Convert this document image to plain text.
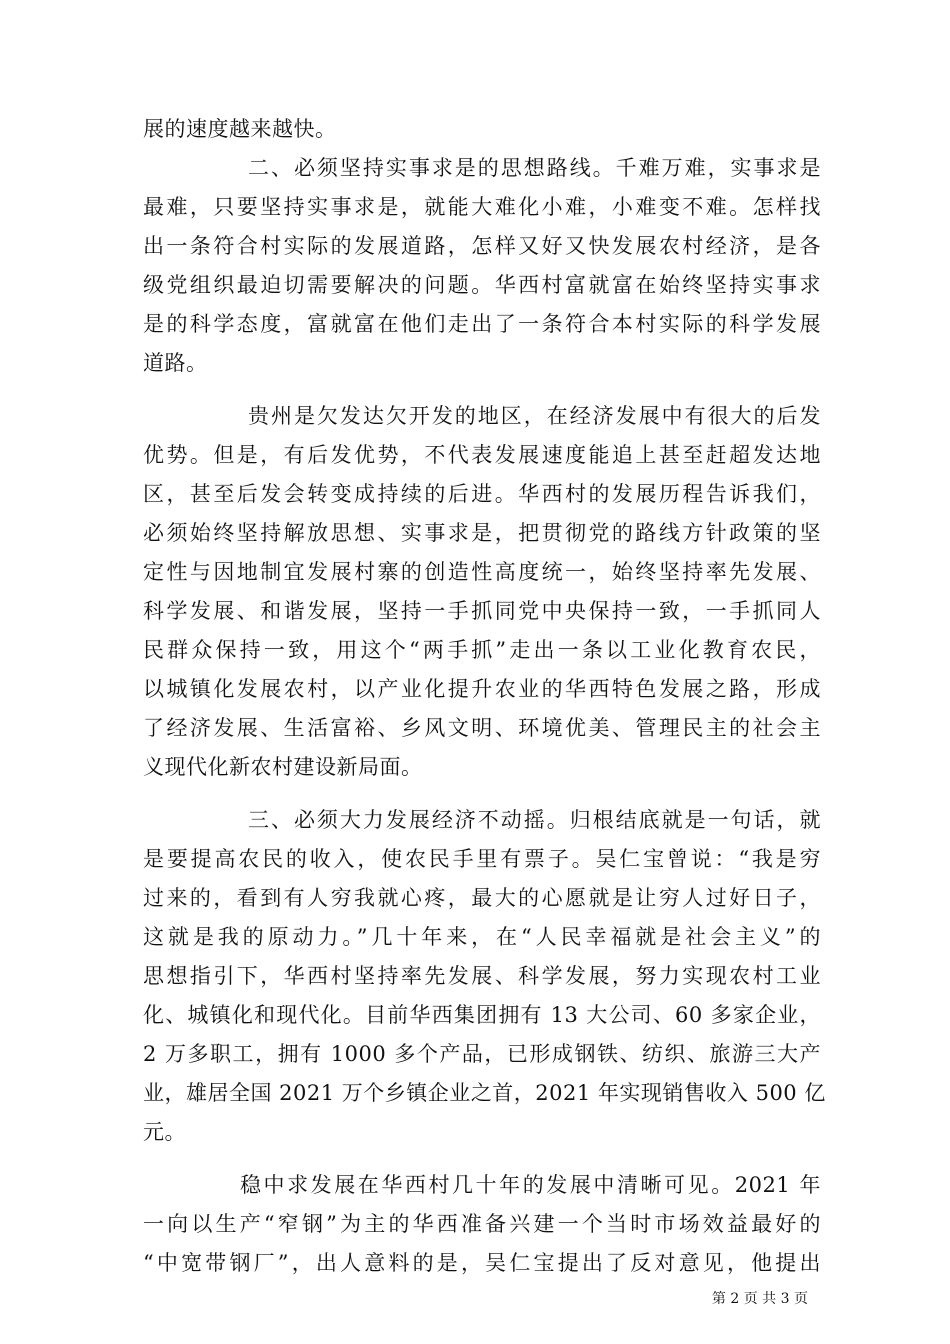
展的速度越来越快。
二、必须坚持实事求是的思想路线。千难万难，实事求是
最难，只要坚持实事求是，就能大难化小难，小难变不难。怎样找
出一条符合村实际的发展道路，怎样又好又快发展农村经济，是各
级党组织最迫切需要解决的问题。华西村富就富在始终坚持实事求
是的科学态度，富就富在他们走出了一条符合本村实际的科学发展
道路。
贵州是欠发达欠开发的地区，在经济发展中有很大的后发
优势。但是，有后发优势，不代表发展速度能追上甚至赶超发达地
区，甚至后发会转变成持续的后进。华西村的发展历程告诉我们，
必须始终坚持解放思想、实事求是，把贯彻党的路线方针政策的坚
定性与因地制宜发展村寨的创造性高度统一，始终坚持率先发展、
科学发展、和谐发展，坚持一手抓同党中央保持一致，一手抓同人
民群众保持一致，用这个“两手抓”走出一条以工业化教育农民，
以城镇化发展农村，以产业化提升农业的华西特色发展之路，形成
了经济发展、生活富裕、乡风文明、环境优美、管理民主的社会主
义现代化新农村建设新局面。
三、必须大力发展经济不动摇。归根结底就是一句话，就
是要提高农民的收入，使农民手里有票子。吴仁宝曾说：“我是穷
过来的，看到有人穷我就心疼，最大的心愿就是让穷人过好日子，
这就是我的原动力。”几十年来，在“人民幸福就是社会主义”的
思想指引下，华西村坚持率先发展、科学发展，努力实现农村工业
化、城镇化和现代化。目前华西集团拥有 13 大公司、60 多家企业，
2 万多职工，拥有 1000 多个产品，已形成钢铁、纺织、旅游三大产
业，雄居全国 2021 万个乡镇企业之首，2021 年实现销售收入 500 亿
元。
稳中求发展在华西村几十年的发展中清晰可见。2021 年
一向以生产“窄钢”为主的华西准备兴建一个当时市场效益最好的
“中宽带钢厂”，出人意料的是，吴仁宝提出了反对意见，他提出
第 2 页 共 3 页
